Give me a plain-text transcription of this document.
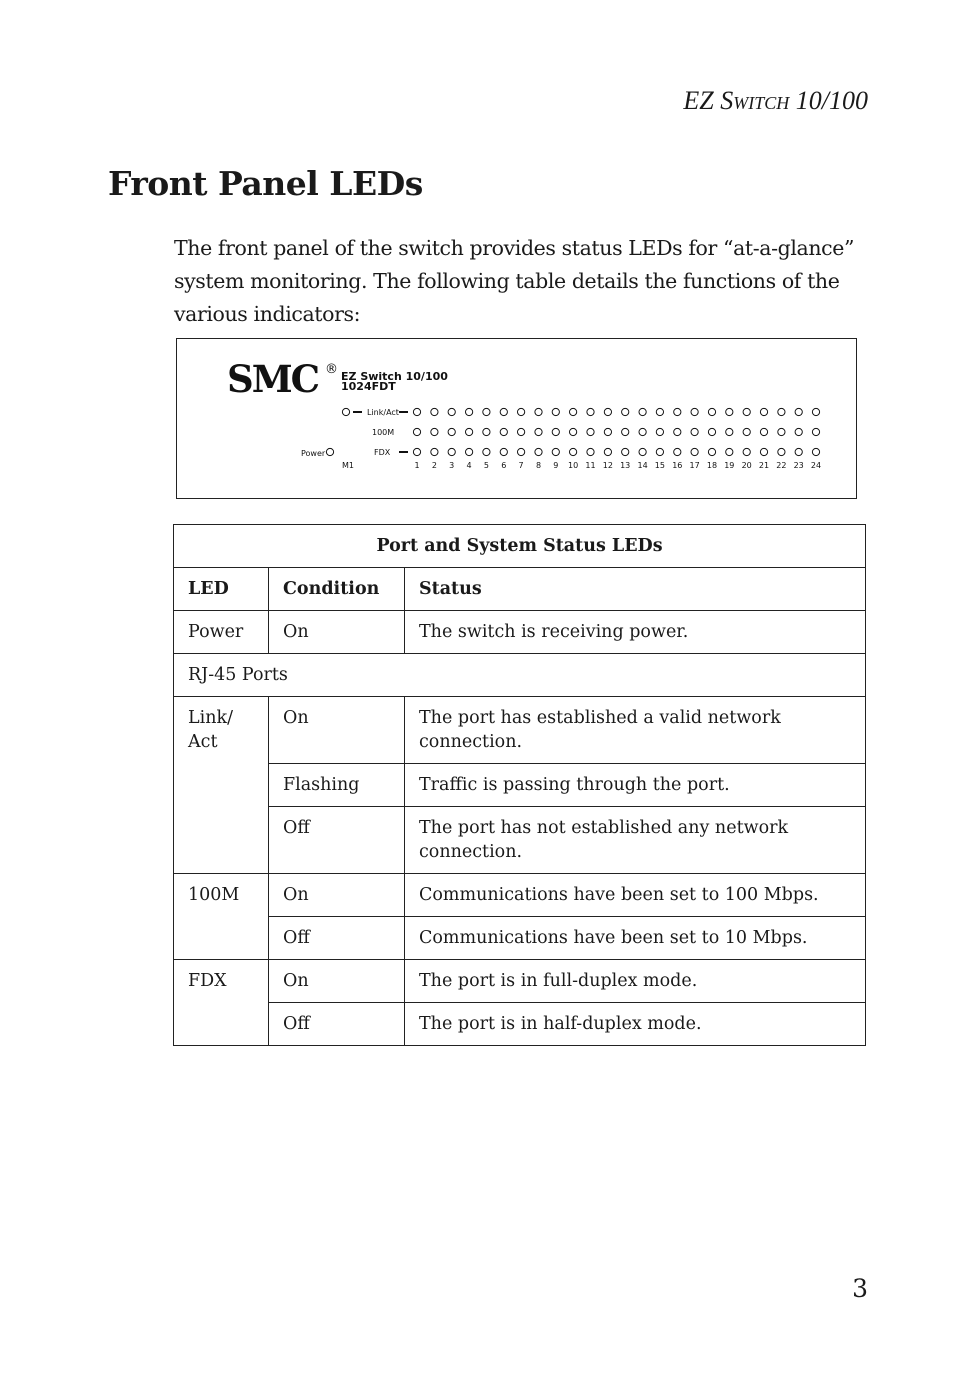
EZ SWITCH 10/100
Front Panel LEDs

The front panel of the switch provides status LEDs for “at-a-glance” system monitoring. The following table details the functions of the various indicators:

SMC ® EZ Switch 10/100
1024FDT
Link/Act
100M
Power	FDX
M1	1 2 3 4 5 6 7 8 9 10 11 12 13 14 15 16 17 18 19 20 21 22 23 24
Port and System Status LEDs		
LED	Condition	Status
Power	On	The switch is receiving power.
RJ-45 Ports		
Link/ Act	On	The port has established a valid network connection.
	Flashing	Traffic is passing through the port.
	Off	The port has not established any network connection.
100M	On	Communications have been set to 100 Mbps.
	Off	Communications have been set to 10 Mbps.
FDX	On	The port is in full-duplex mode.
	Off	The port is in half-duplex mode.
3
